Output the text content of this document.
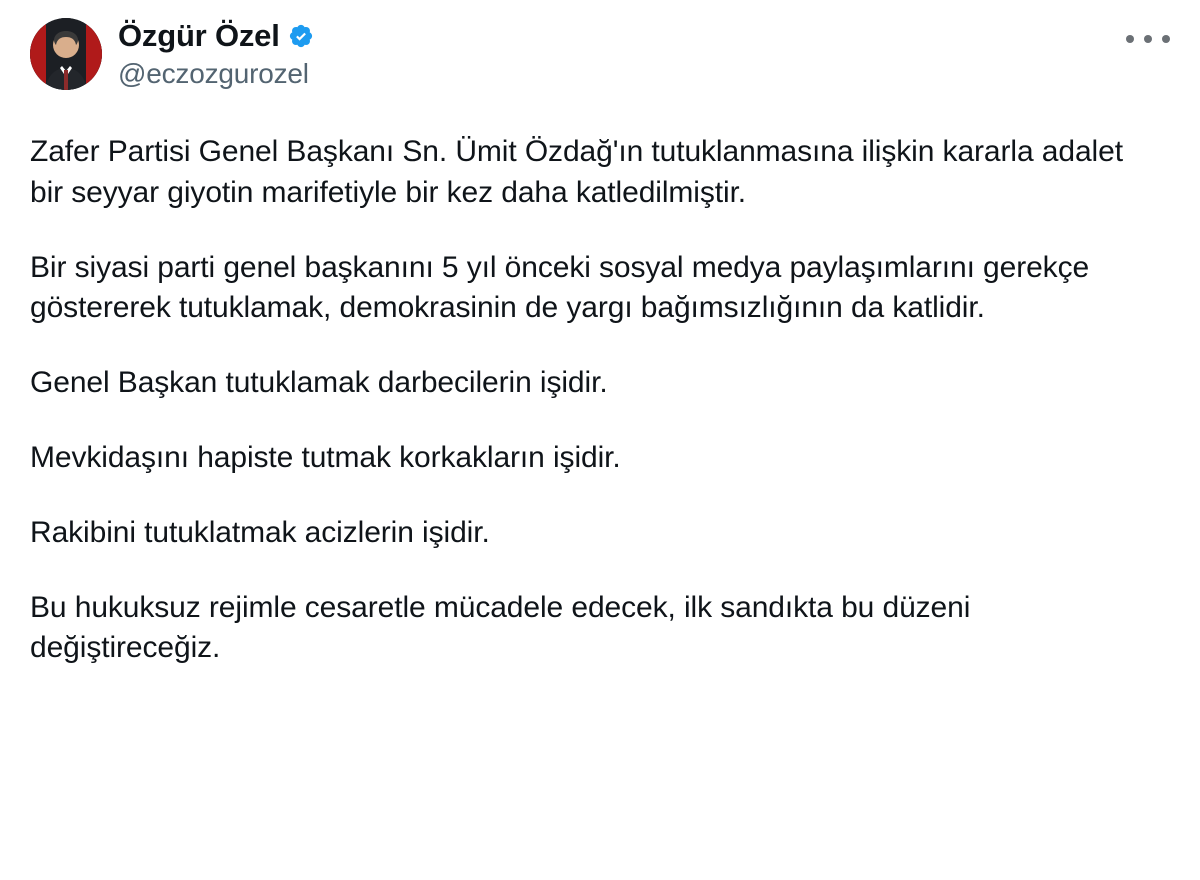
Özgür Özel
@eczozgurozel

Zafer Partisi Genel Başkanı Sn. Ümit Özdağ'ın tutuklanmasına ilişkin kararla adalet bir seyyar giyotin marifetiyle bir kez daha katledilmiştir.

Bir siyasi parti genel başkanını 5 yıl önceki sosyal medya paylaşımlarını gerekçe göstererek tutuklamak, demokrasinin de yargı bağımsızlığının da katlidir.

Genel Başkan tutuklamak darbecilerin işidir.

Mevkidaşını hapiste tutmak korkakların işidir.

Rakibini tutuklatmak acizlerin işidir.

Bu hukuksuz rejimle cesaretle mücadele edecek, ilk sandıkta bu düzeni değiştireceğiz.
